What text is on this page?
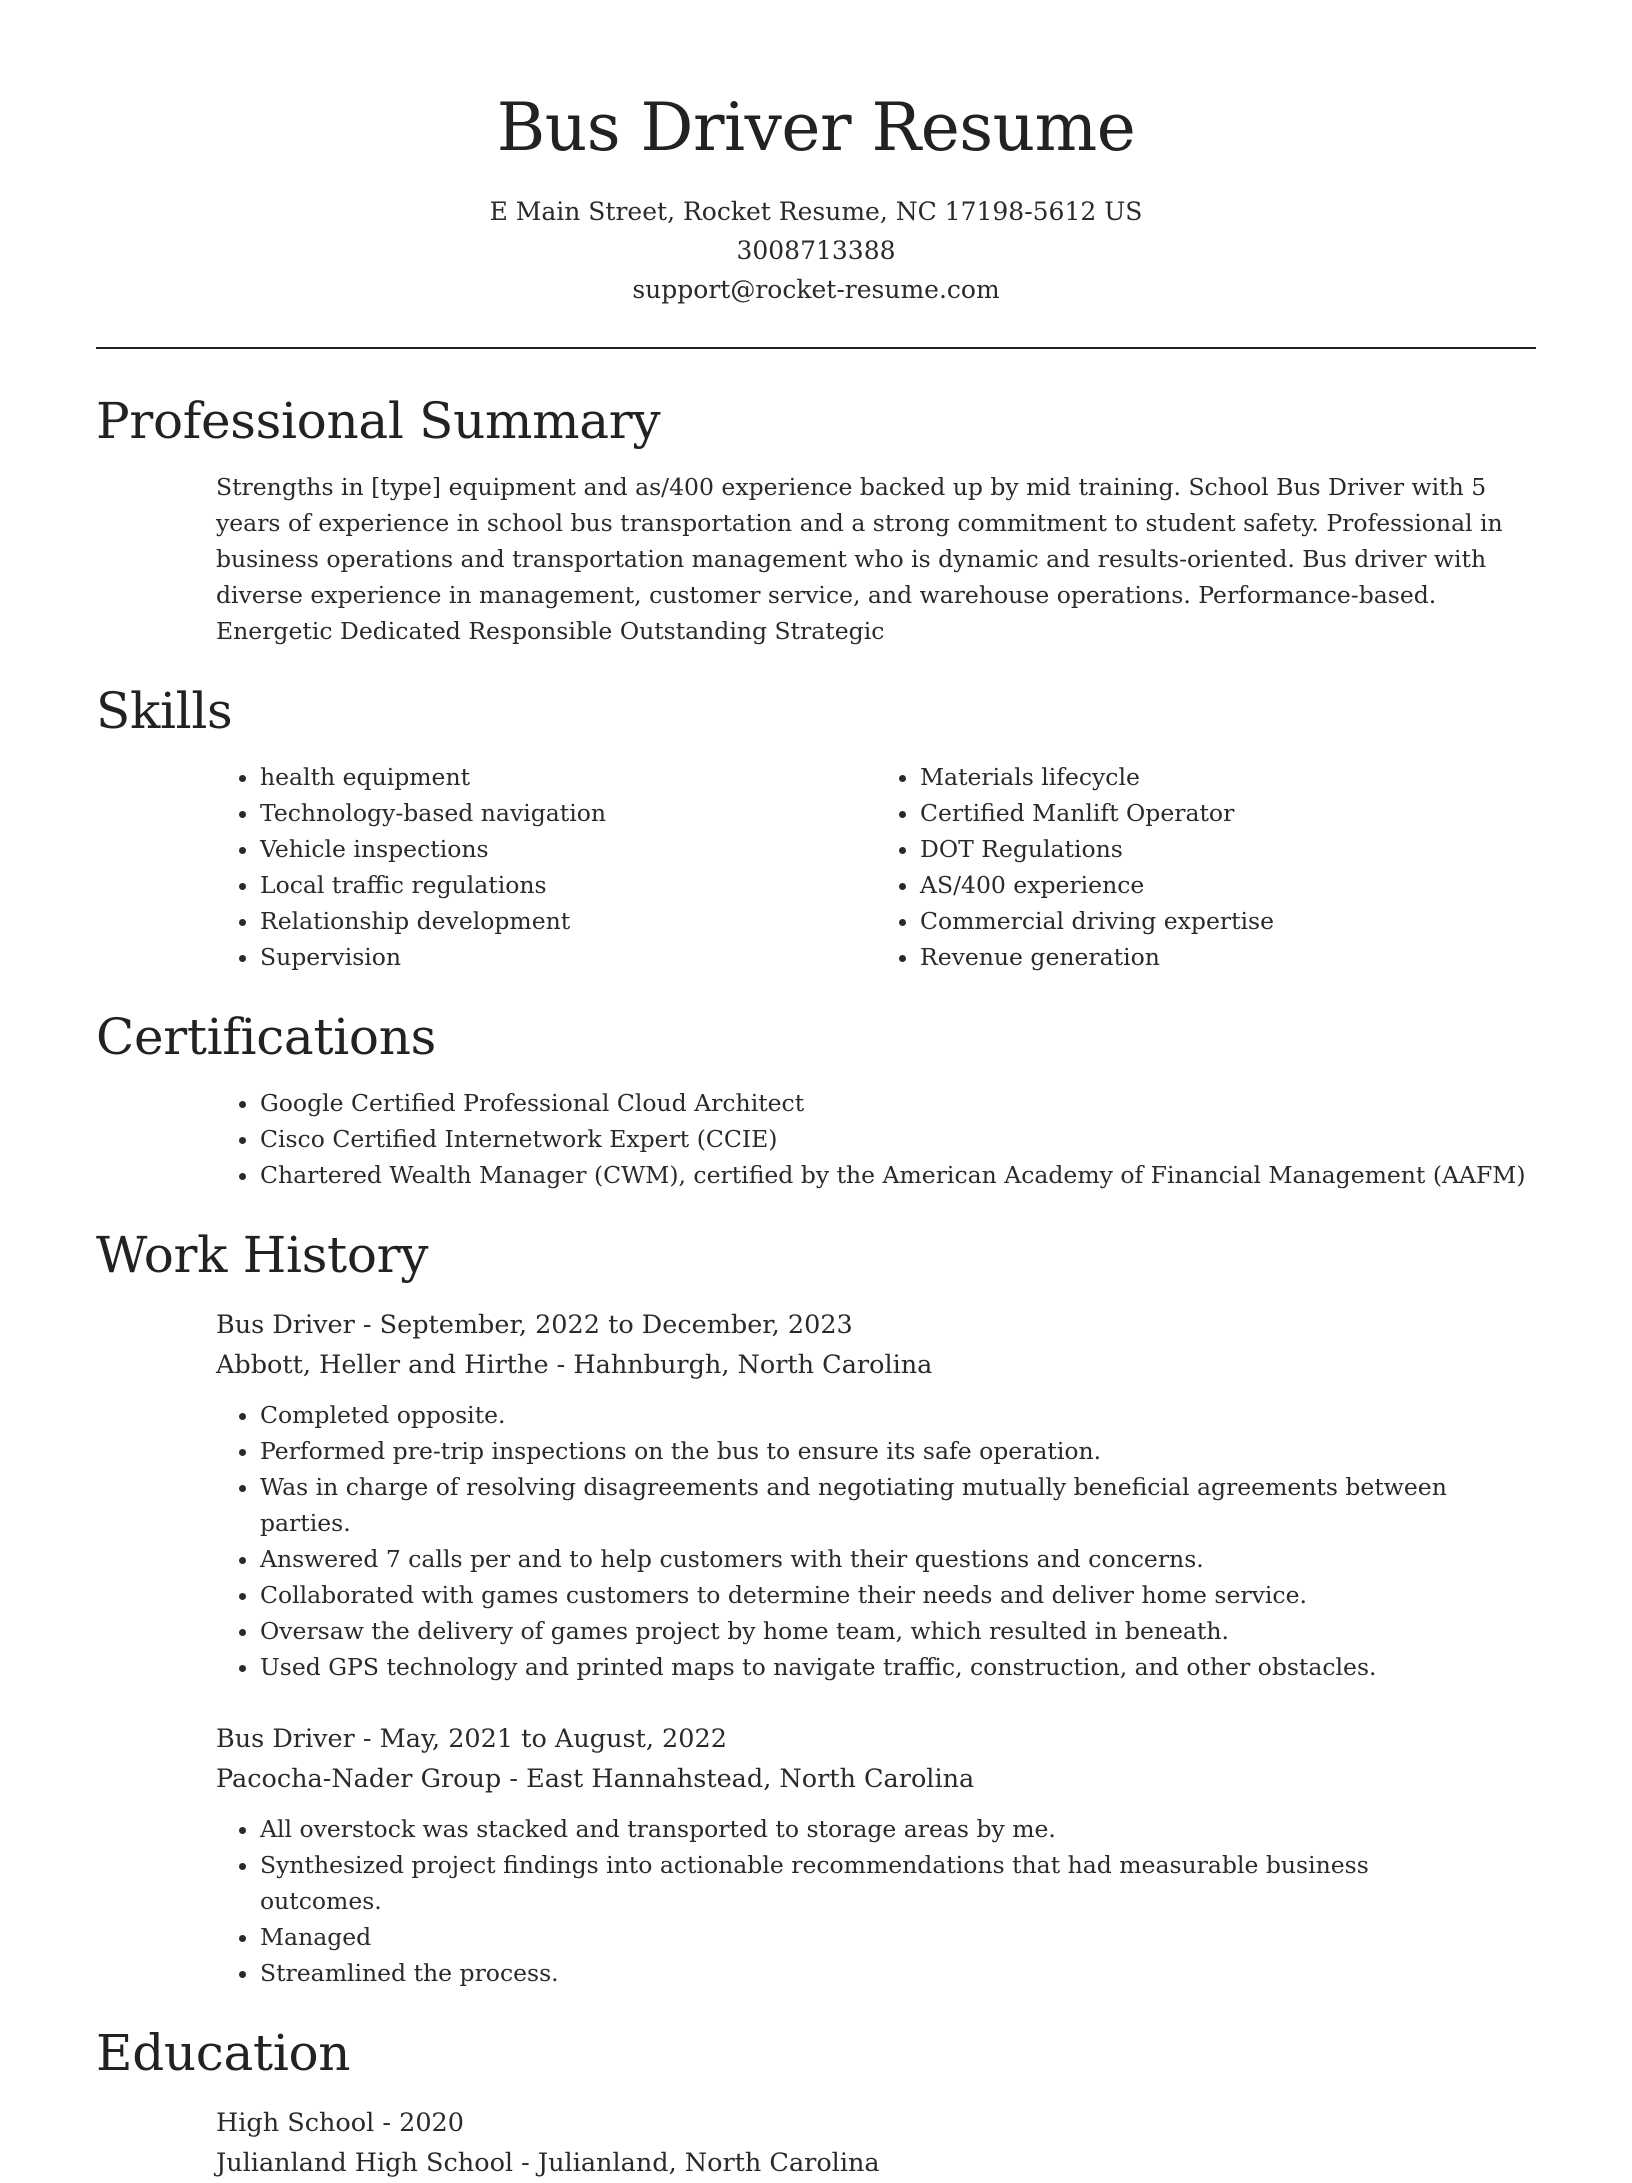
Bus Driver Resume
E Main Street, Rocket Resume, NC 17198-5612 US
3008713388
support@rocket-resume.com
Professional Summary
Strengths in [type] equipment and as/400 experience backed up by mid training. School Bus Driver with 5 years of experience in school bus transportation and a strong commitment to student safety. Professional in business operations and transportation management who is dynamic and results-oriented. Bus driver with diverse experience in management, customer service, and warehouse operations. Performance-based. Energetic Dedicated Responsible Outstanding Strategic
Skills
• health equipment
• Technology-based navigation
• Vehicle inspections
• Local traffic regulations
• Relationship development
• Supervision
• Materials lifecycle
• Certified Manlift Operator
• DOT Regulations
• AS/400 experience
• Commercial driving expertise
• Revenue generation
Certifications
• Google Certified Professional Cloud Architect
• Cisco Certified Internetwork Expert (CCIE)
• Chartered Wealth Manager (CWM), certified by the American Academy of Financial Management (AAFM)
Work History
Bus Driver - September, 2022 to December, 2023
Abbott, Heller and Hirthe - Hahnburgh, North Carolina
• Completed opposite.
• Performed pre-trip inspections on the bus to ensure its safe operation.
• Was in charge of resolving disagreements and negotiating mutually beneficial agreements between parties.
• Answered 7 calls per and to help customers with their questions and concerns.
• Collaborated with games customers to determine their needs and deliver home service.
• Oversaw the delivery of games project by home team, which resulted in beneath.
• Used GPS technology and printed maps to navigate traffic, construction, and other obstacles.
Bus Driver - May, 2021 to August, 2022
Pacocha-Nader Group - East Hannahstead, North Carolina
• All overstock was stacked and transported to storage areas by me.
• Synthesized project findings into actionable recommendations that had measurable business outcomes.
• Managed
• Streamlined the process.
Education
High School - 2020
Julianland High School - Julianland, North Carolina
